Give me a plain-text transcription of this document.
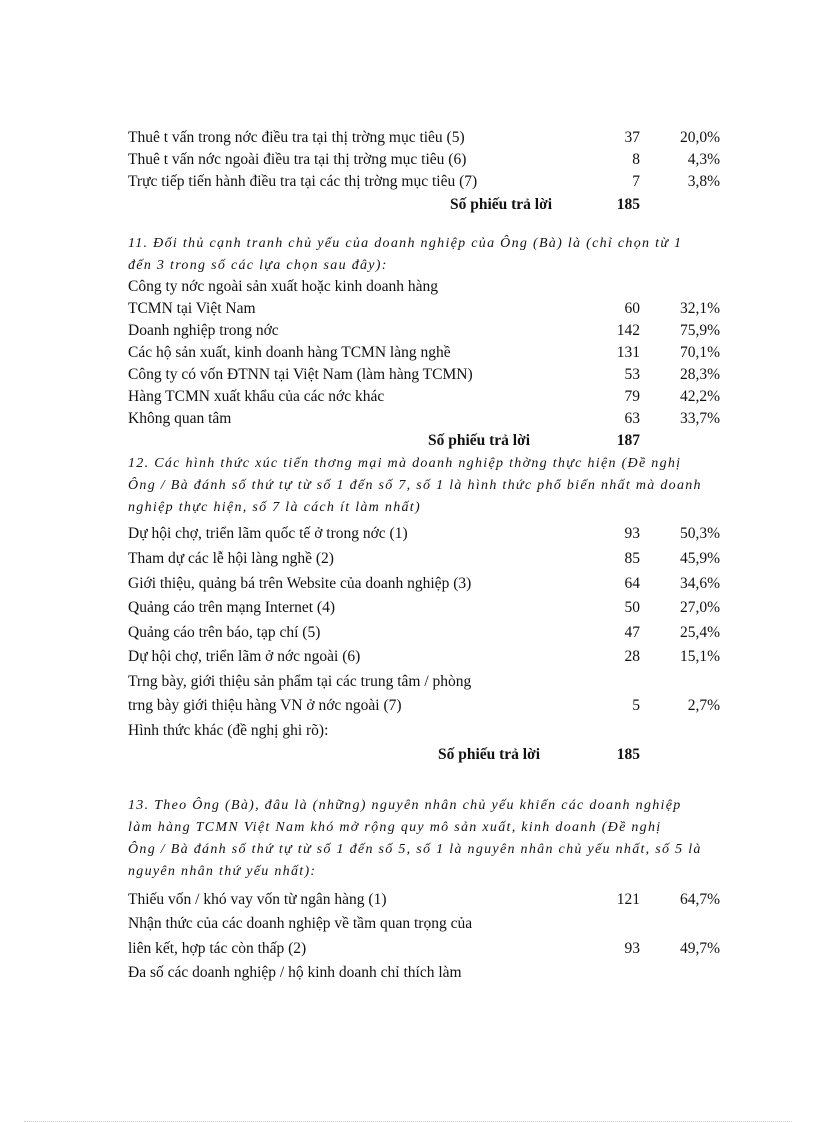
Thuê t vấn trong nớc điều tra tại thị trờng mục tiêu (5)	37	20,0%
Thuê t vấn nớc ngoài điều tra tại thị trờng mục tiêu (6)	8	4,3%
Trực tiếp tiến hành điều tra tại các thị trờng mục tiêu (7)	7	3,8%
Số phiếu trả lời	185
11. Đối thủ cạnh tranh chủ yếu của doanh nghiệp của Ông (Bà) là (chỉ chọn từ 1
đến 3 trong số các lựa chọn sau đây):
Công ty nớc ngoài sản xuất hoặc kinh doanh hàng
TCMN tại Việt Nam	60	32,1%
Doanh nghiệp trong nớc	142	75,9%
Các hộ sản xuất, kinh doanh hàng TCMN làng nghề	131	70,1%
Công ty có vốn ĐTNN tại Việt Nam (làm hàng TCMN)	53	28,3%
Hàng TCMN xuất khẩu của các nớc khác	79	42,2%
Không quan tâm	63	33,7%
Số phiếu trả lời	187
12. Các hình thức xúc tiến thơng mại mà doanh nghiệp thờng thực hiện (Đề nghị
Ông / Bà đánh số thứ tự từ số 1 đến số 7, số 1 là hình thức phổ biến nhất mà doanh
nghiệp thực hiện, số 7 là cách ít làm nhất)
Dự hội chợ, triển lãm quốc tế ở trong nớc (1)	93	50,3%
Tham dự các lễ hội làng nghề (2)	85	45,9%
Giới thiệu, quảng bá trên Website của doanh nghiệp (3)	64	34,6%
Quảng cáo trên mạng Internet (4)	50	27,0%
Quảng cáo trên báo, tạp chí (5)	47	25,4%
Dự hội chợ, triển lãm ở nớc ngoài (6)	28	15,1%
Trng bày, giới thiệu sản phẩm tại các trung tâm / phòng
trng bày giới thiệu hàng VN ở nớc ngoài (7)	5	2,7%
Hình thức khác (đề nghị ghi rõ):
Số phiếu trả lời	185
13. Theo Ông (Bà), đâu là (những) nguyên nhân chủ yếu khiến các doanh nghiệp
làm hàng TCMN Việt Nam khó mở rộng quy mô sản xuất, kinh doanh (Đề nghị
Ông / Bà đánh số thứ tự từ số 1 đến số 5, số 1 là nguyên nhân chủ yếu nhất, số 5 là
nguyên nhân thứ yếu nhất):
Thiếu vốn / khó vay vốn từ ngân hàng (1)	121	64,7%
Nhận thức của các doanh nghiệp về tầm quan trọng của
liên kết, hợp tác còn thấp (2)	93	49,7%
Đa số các doanh nghiệp / hộ kinh doanh chỉ thích làm
